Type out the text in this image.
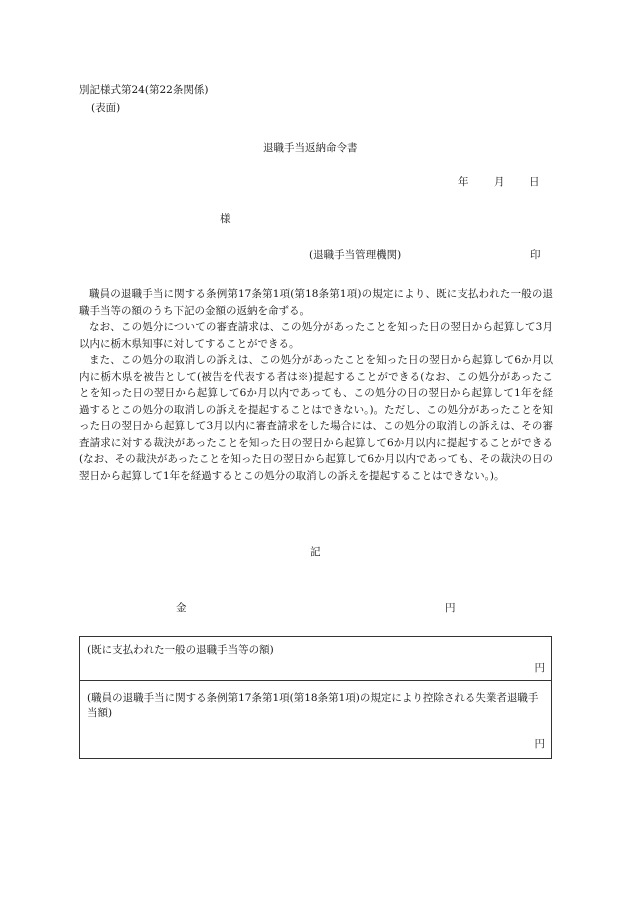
別記様式第24(第22条関係)
(表面)
退職手当返納命令書
年 月 日
様
(退職手当管理機関)	印

職員の退職手当に関する条例第17条第1項(第18条第1項)の規定により、既に支払われた一般の退職手当等の額のうち下記の金額の返納を命ずる。

なお、この処分についての審査請求は、この処分があったことを知った日の翌日から起算して3月以内に栃木県知事に対してすることができる。

また、この処分の取消しの訴えは、この処分があったことを知った日の翌日から起算して6か月以内に栃木県を被告として(被告を代表する者は※)提起することができる(なお、この処分があったことを知った日の翌日から起算して6か月以内であっても、この処分の日の翌日から起算して1年を経過するとこの処分の取消しの訴えを提起することはできない。)。ただし、この処分があったことを知った日の翌日から起算して3月以内に審査請求をした場合には、この処分の取消しの訴えは、その審査請求に対する裁決があったことを知った日の翌日から起算して6か月以内に提起することができる(なお、その裁決があったことを知った日の翌日から起算して6か月以内であっても、その裁決の日の翌日から起算して1年を経過するとこの処分の取消しの訴えを提起することはできない。)。

記
金	円
(既に支払われた一般の退職手当等の額)
円
(職員の退職手当に関する条例第17条第1項(第18条第1項)の規定により控除される失業者退職手当額)
円
